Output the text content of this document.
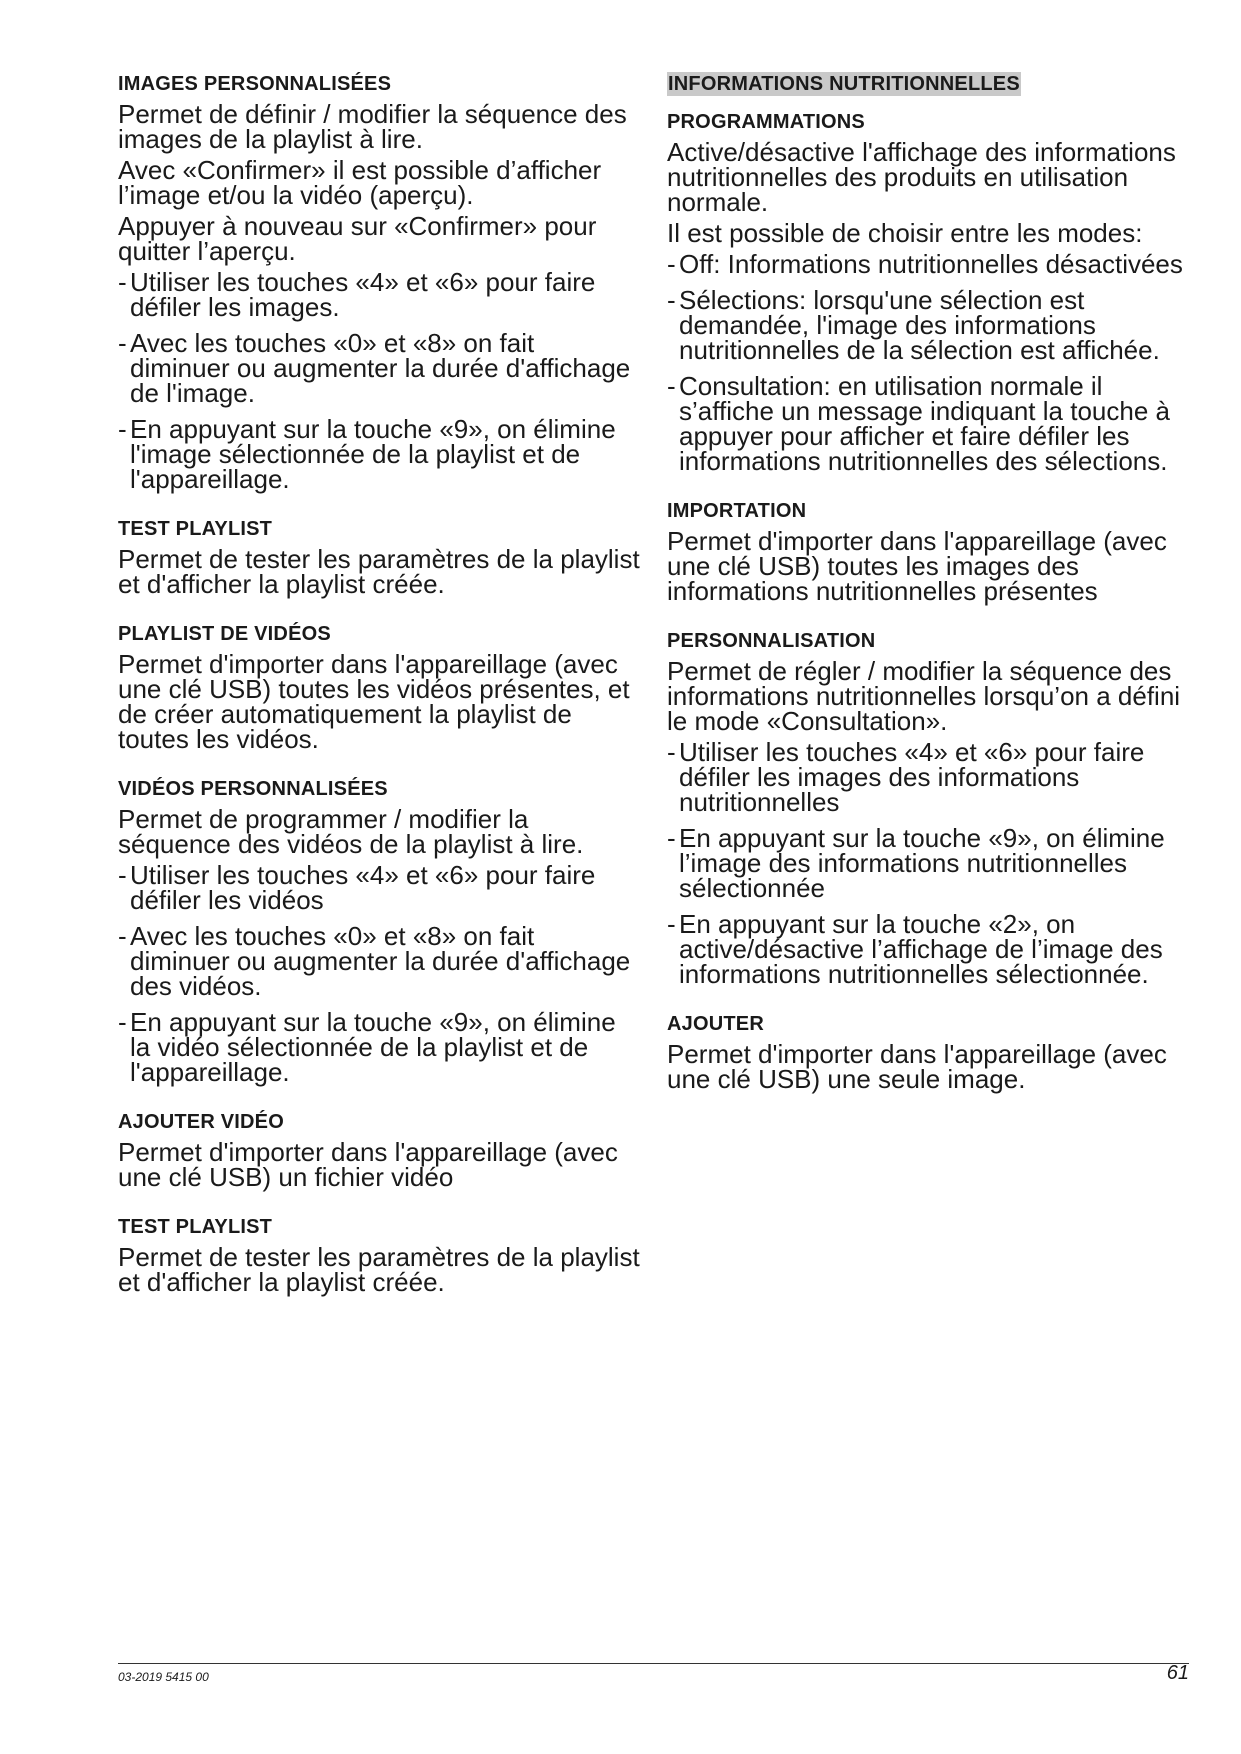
IMAGES PERSONNALISÉES
Permet de définir / modifier la séquence des images de la playlist à lire.
Avec «Confirmer» il est possible d’afficher l’image et/ou la vidéo (aperçu).
Appuyer à nouveau sur «Confirmer» pour quitter l’aperçu.
- Utiliser les touches «4» et «6» pour faire défiler les images.
- Avec les touches «0» et «8» on fait diminuer ou augmenter la durée d'affichage de l'image.
- En appuyant sur la touche «9», on élimine l'image sélectionnée de la playlist et de l'appareillage.
TEST PLAYLIST
Permet de tester les paramètres de la playlist et d'afficher la playlist créée.
PLAYLIST DE VIDÉOS
Permet d'importer dans l'appareillage (avec une clé USB) toutes les vidéos présentes, et de créer automatiquement la playlist de toutes les vidéos.
VIDÉOS PERSONNALISÉES
Permet de programmer / modifier la séquence des vidéos de la playlist à lire.
- Utiliser les touches «4» et «6» pour faire défiler les vidéos
- Avec les touches «0» et «8» on fait diminuer ou augmenter la durée d'affichage des vidéos.
- En appuyant sur la touche «9», on élimine la vidéo sélectionnée de la playlist et de l'appareillage.
AJOUTER VIDÉO
Permet d'importer dans l'appareillage (avec une clé USB) un fichier vidéo
TEST PLAYLIST
Permet de tester les paramètres de la playlist et d'afficher la playlist créée.
INFORMATIONS NUTRITIONNELLES
PROGRAMMATIONS
Active/désactive l'affichage des informations nutritionnelles des produits en utilisation normale.
Il est possible de choisir entre les modes:
- Off: Informations nutritionnelles désactivées
- Sélections: lorsqu'une sélection est demandée, l'image des informations nutritionnelles de la sélection est affichée.
- Consultation: en utilisation normale il s’affiche un message indiquant la touche à appuyer pour afficher et faire défiler les informations nutritionnelles des sélections.
IMPORTATION
Permet d'importer dans l'appareillage (avec une clé USB) toutes les images des informations nutritionnelles présentes
PERSONNALISATION
Permet de régler / modifier la séquence des informations nutritionnelles lorsqu’on a défini le mode «Consultation».
- Utiliser les touches «4» et «6» pour faire défiler les images des informations nutritionnelles
- En appuyant sur la touche «9», on élimine l’image des informations nutritionnelles sélectionnée
- En appuyant sur la touche «2», on active/désactive l’affichage de l’image des informations nutritionnelles sélectionnée.
AJOUTER
Permet d'importer dans l'appareillage (avec une clé USB) une seule image.
03-2019 5415 00	61
